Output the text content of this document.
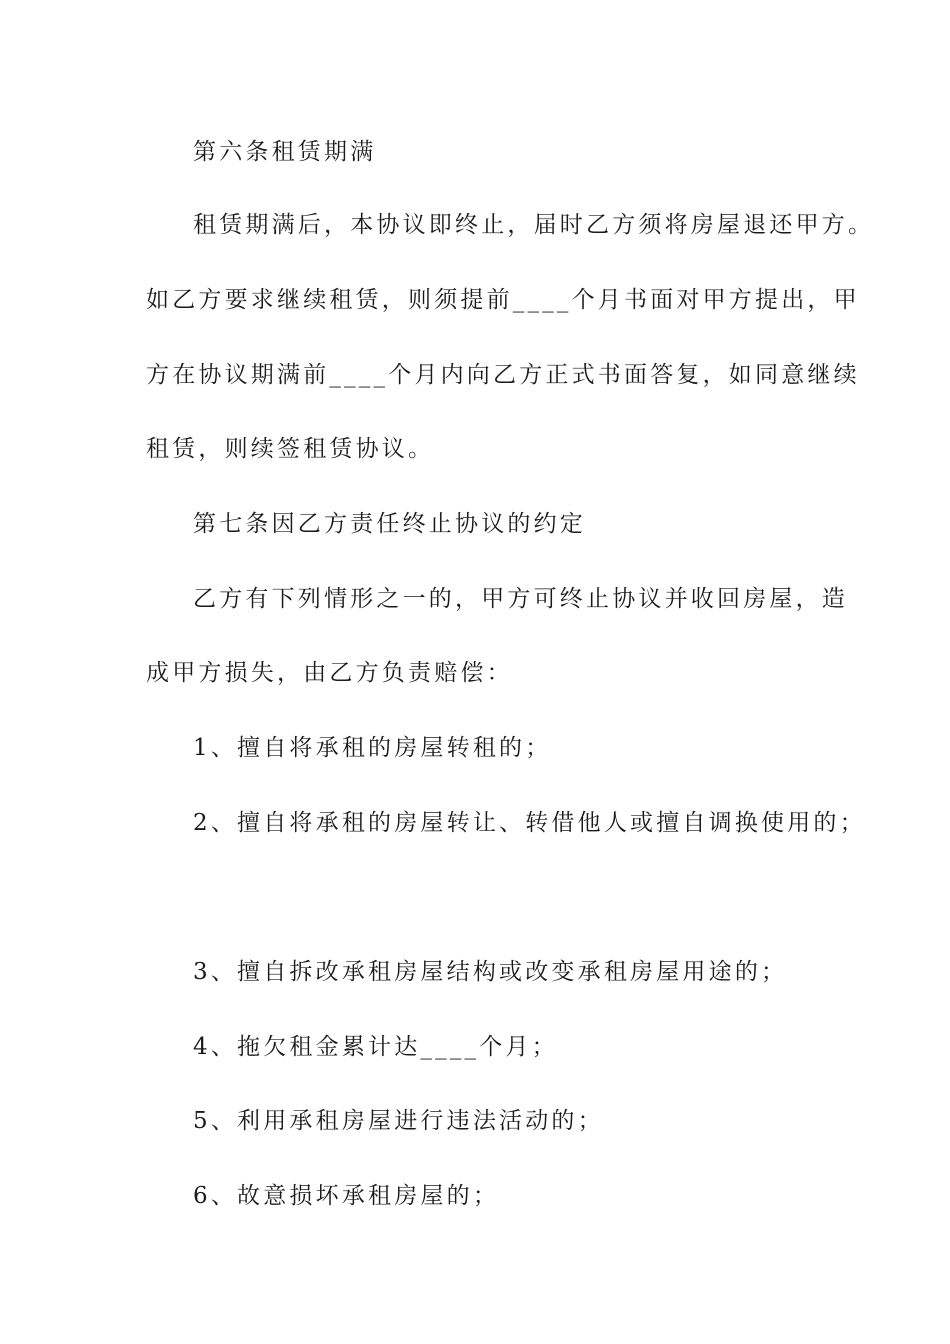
第六条租赁期满
租赁期满后，本协议即终止，届时乙方须将房屋退还甲方。
如乙方要求继续租赁，则须提前____个月书面对甲方提出，甲
方在协议期满前____个月内向乙方正式书面答复，如同意继续
租赁，则续签租赁协议。
第七条因乙方责任终止协议的约定
乙方有下列情形之一的，甲方可终止协议并收回房屋，造
成甲方损失，由乙方负责赔偿：
1、擅自将承租的房屋转租的；
2、擅自将承租的房屋转让、转借他人或擅自调换使用的；
3、擅自拆改承租房屋结构或改变承租房屋用途的；
4、拖欠租金累计达____个月；
5、利用承租房屋进行违法活动的；
6、故意损坏承租房屋的；
